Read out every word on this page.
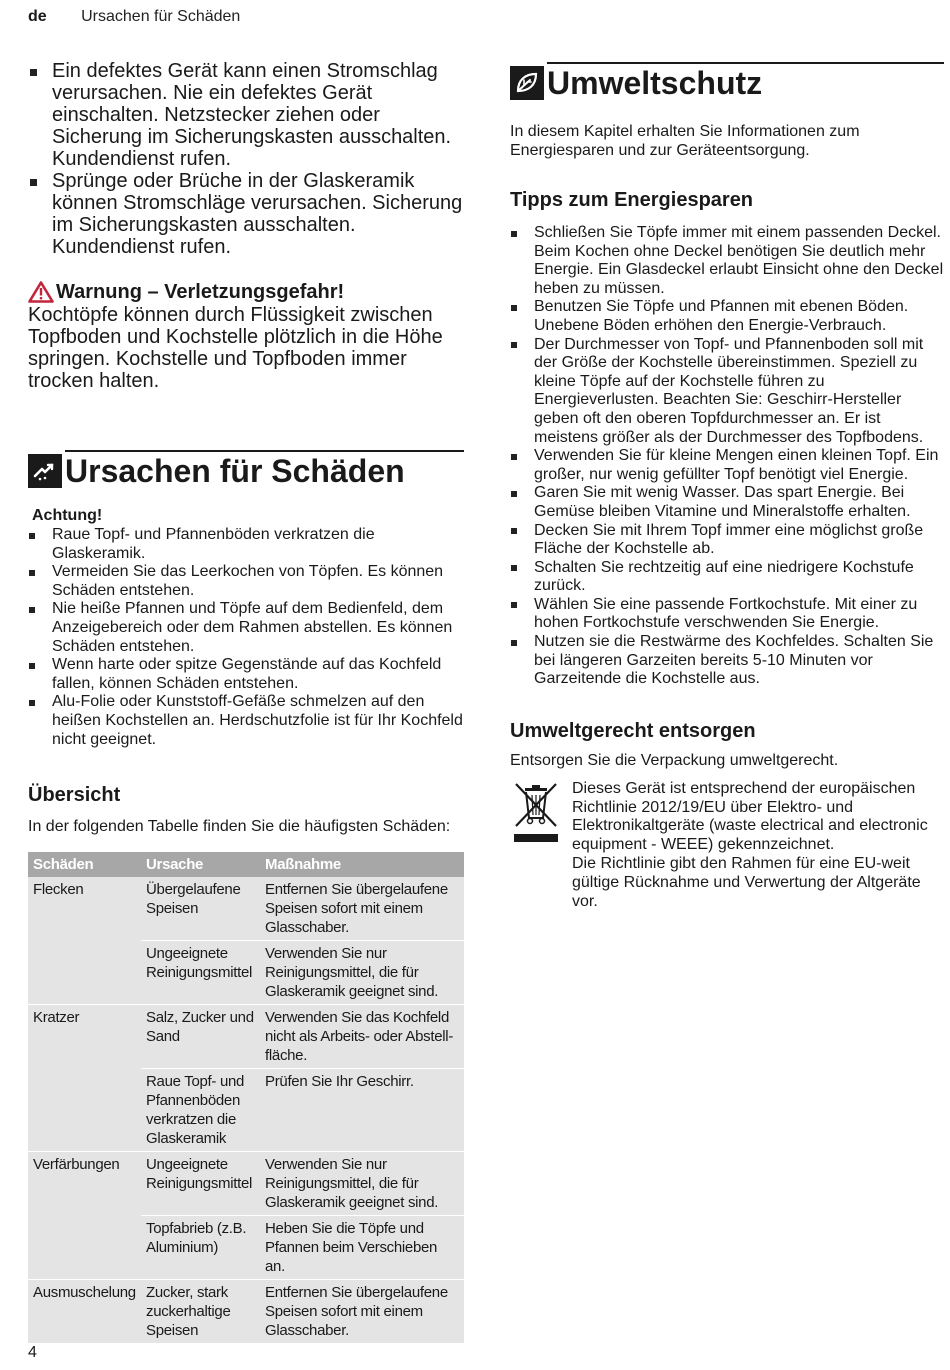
de Ursachen für Schäden
Ein defektes Gerät kann einen Stromschlag verursachen. Nie ein defektes Gerät einschalten. Netzstecker ziehen oder Sicherung im Sicherungskasten ausschalten. Kundendienst rufen.
Sprünge oder Brüche in der Glaskeramik können Stromschläge verursachen. Sicherung im Sicherungskasten ausschalten. Kundendienst rufen.
Warnung – Verletzungsgefahr!
Kochtöpfe können durch Flüssigkeit zwischen Topfboden und Kochstelle plötzlich in die Höhe springen. Kochstelle und Topfboden immer trocken halten.
Ursachen für Schäden
Achtung!
Raue Topf- und Pfannenböden verkratzen die Glaskeramik.
Vermeiden Sie das Leerkochen von Töpfen. Es können Schäden entstehen.
Nie heiße Pfannen und Töpfe auf dem Bedienfeld, dem Anzeigebereich oder dem Rahmen abstellen. Es können Schäden entstehen.
Wenn harte oder spitze Gegenstände auf das Kochfeld fallen, können Schäden entstehen.
Alu-Folie oder Kunststoff-Gefäße schmelzen auf den heißen Kochstellen an. Herdschutzfolie ist für Ihr Kochfeld nicht geeignet.
Übersicht
In der folgenden Tabelle finden Sie die häufigsten Schäden:
Schäden	Ursache	Maßnahme
Flecken	Übergelaufene Speisen	Entfernen Sie übergelaufene Speisen sofort mit einem Glasschaber.
	Ungeeignete Reinigungsmittel	Verwenden Sie nur Reinigungsmittel, die für Glaskeramik geeignet sind.
Kratzer	Salz, Zucker und Sand	Verwenden Sie das Kochfeld nicht als Arbeits- oder Abstellfläche.
	Raue Topf- und Pfannenböden verkratzen die Glaskeramik	Prüfen Sie Ihr Geschirr.
Verfärbungen	Ungeeignete Reinigungsmittel	Verwenden Sie nur Reinigungsmittel, die für Glaskeramik geeignet sind.
	Topfabrieb (z.B. Aluminium)	Heben Sie die Töpfe und Pfannen beim Verschieben an.
Ausmuschelung	Zucker, stark zuckerhaltige Speisen	Entfernen Sie übergelaufene Speisen sofort mit einem Glasschaber.
Umweltschutz
In diesem Kapitel erhalten Sie Informationen zum Energiesparen und zur Geräteentsorgung.
Tipps zum Energiesparen
Schließen Sie Töpfe immer mit einem passenden Deckel. Beim Kochen ohne Deckel benötigen Sie deutlich mehr Energie. Ein Glasdeckel erlaubt Einsicht ohne den Deckel heben zu müssen.
Benutzen Sie Töpfe und Pfannen mit ebenen Böden. Unebene Böden erhöhen den Energie-Verbrauch.
Der Durchmesser von Topf- und Pfannenboden soll mit der Größe der Kochstelle übereinstimmen. Speziell zu kleine Töpfe auf der Kochstelle führen zu Energieverlusten. Beachten Sie: Geschirr-Hersteller geben oft den oberen Topfdurchmesser an. Er ist meistens größer als der Durchmesser des Topfbodens.
Verwenden Sie für kleine Mengen einen kleinen Topf. Ein großer, nur wenig gefüllter Topf benötigt viel Energie.
Garen Sie mit wenig Wasser. Das spart Energie. Bei Gemüse bleiben Vitamine und Mineralstoffe erhalten.
Decken Sie mit Ihrem Topf immer eine möglichst große Fläche der Kochstelle ab.
Schalten Sie rechtzeitig auf eine niedrigere Kochstufe zurück.
Wählen Sie eine passende Fortkochstufe. Mit einer zu hohen Fortkochstufe verschwenden Sie Energie.
Nutzen sie die Restwärme des Kochfeldes. Schalten Sie bei längeren Garzeiten bereits 5-10 Minuten vor Garzeitende die Kochstelle aus.
Umweltgerecht entsorgen
Entsorgen Sie die Verpackung umweltgerecht.
Dieses Gerät ist entsprechend der europäischen Richtlinie 2012/19/EU über Elektro- und Elektronikaltgeräte (waste electrical and electronic equipment - WEEE) gekennzeichnet.
Die Richtlinie gibt den Rahmen für eine EU-weit gültige Rücknahme und Verwertung der Altgeräte vor.
4
